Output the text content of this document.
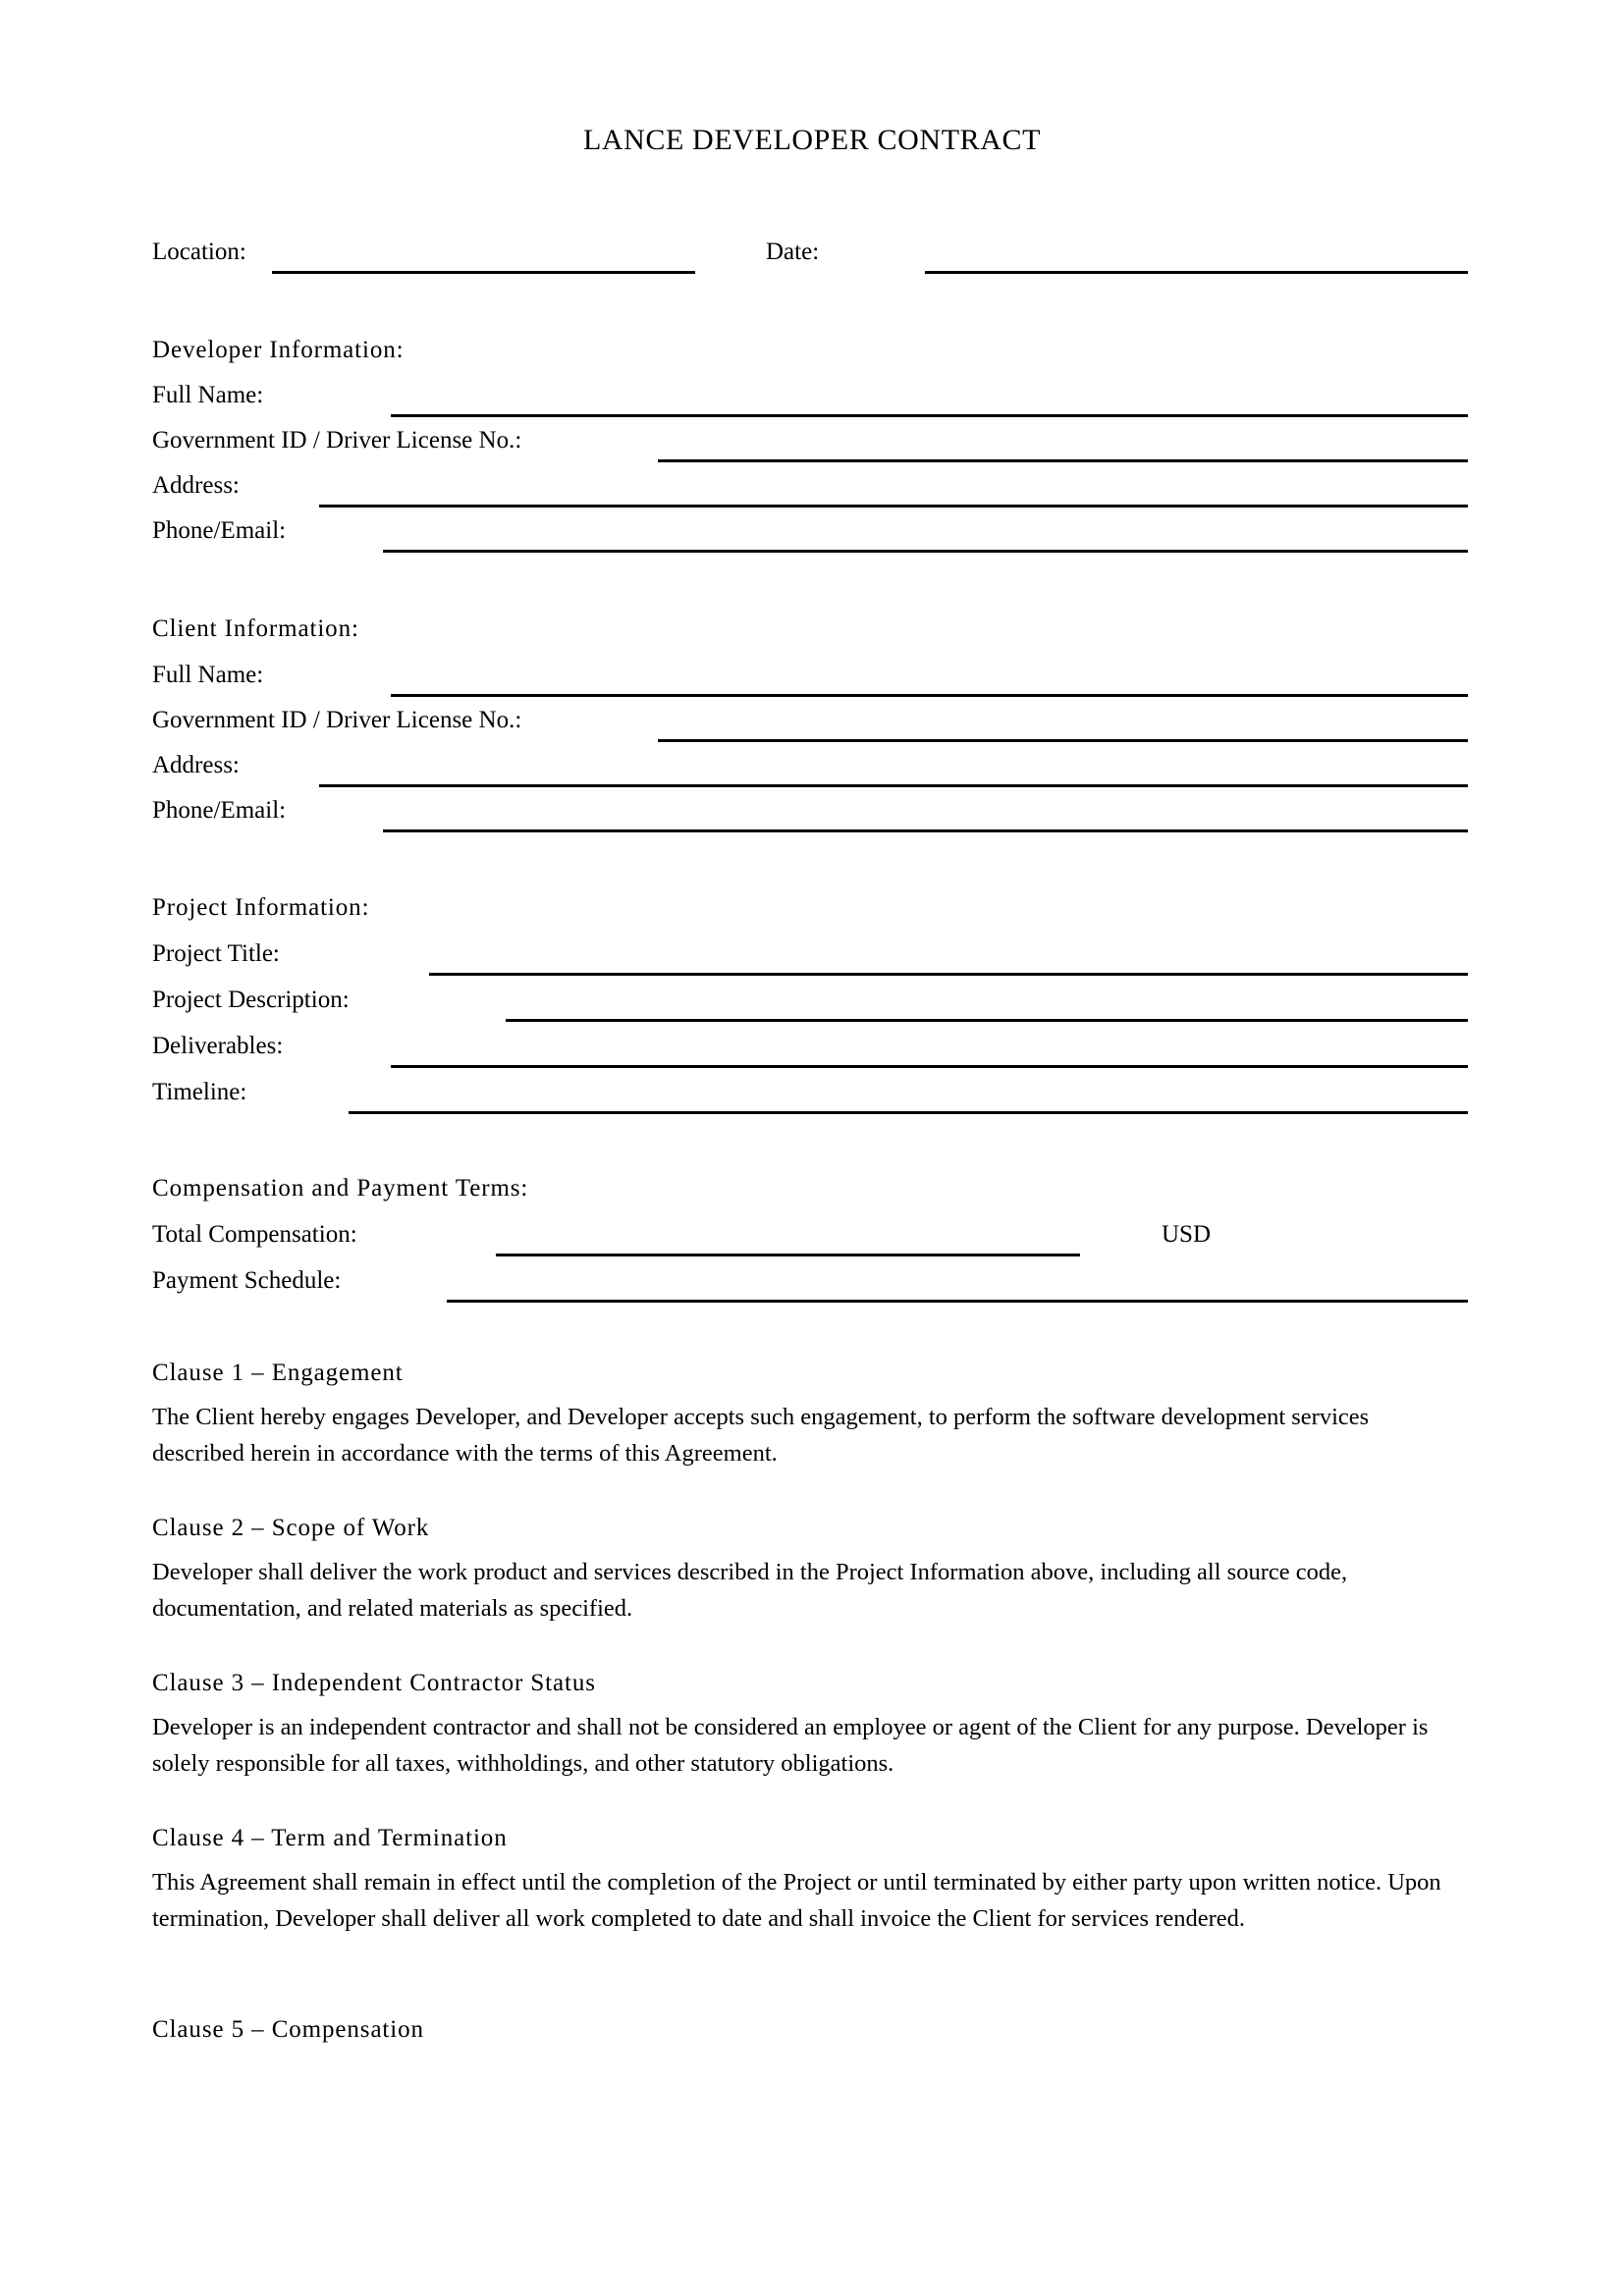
LANCE DEVELOPER CONTRACT
Location:	Date:
Developer Information:
Full Name:
Government ID / Driver License No.:
Address:
Phone/Email:
Client Information:
Full Name:
Government ID / Driver License No.:
Address:
Phone/Email:
Project Information:
Project Title:
Project Description:
Deliverables:
Timeline:
Compensation and Payment Terms:
Total Compensation:	USD
Payment Schedule:
Clause 1 – Engagement
The Client hereby engages Developer, and Developer accepts such engagement, to perform the software development services described herein in accordance with the terms of this Agreement.
Clause 2 – Scope of Work
Developer shall deliver the work product and services described in the Project Information above, including all source code, documentation, and related materials as specified.
Clause 3 – Independent Contractor Status
Developer is an independent contractor and shall not be considered an employee or agent of the Client for any purpose. Developer is solely responsible for all taxes, withholdings, and other statutory obligations.
Clause 4 – Term and Termination
This Agreement shall remain in effect until the completion of the Project or until terminated by either party upon written notice. Upon termination, Developer shall deliver all work completed to date and shall invoice the Client for services rendered.
Clause 5 – Compensation
